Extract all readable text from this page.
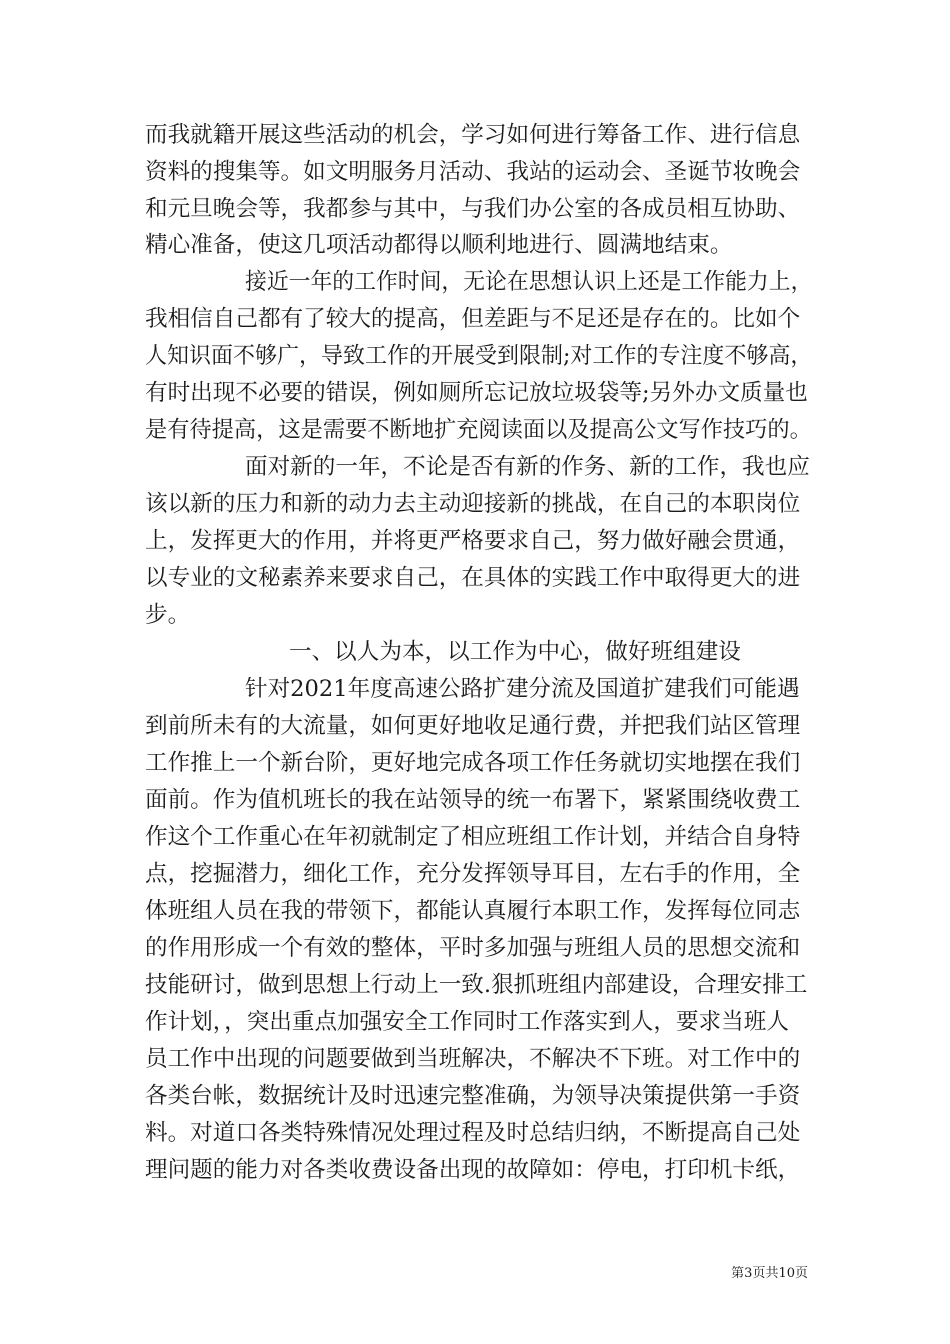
而我就籍开展这些活动的机会，学习如何进行筹备工作、进行信息
资料的搜集等。如文明服务月活动、我站的运动会、圣诞节妆晚会
和元旦晚会等，我都参与其中，与我们办公室的各成员相互协助、
精心准备，使这几项活动都得以顺利地进行、圆满地结束。
接近一年的工作时间，无论在思想认识上还是工作能力上，
我相信自己都有了较大的提高，但差距与不足还是存在的。比如个
人知识面不够广，导致工作的开展受到限制;对工作的专注度不够高，
有时出现不必要的错误，例如厕所忘记放垃圾袋等;另外办文质量也
是有待提高，这是需要不断地扩充阅读面以及提高公文写作技巧的。
面对新的一年，不论是否有新的作务、新的工作，我也应
该以新的压力和新的动力去主动迎接新的挑战，在自己的本职岗位
上，发挥更大的作用，并将更严格要求自己，努力做好融会贯通，
以专业的文秘素养来要求自己，在具体的实践工作中取得更大的进
步。
一、以人为本，以工作为中心，做好班组建设
针对2021年度高速公路扩建分流及国道扩建我们可能遇
到前所未有的大流量，如何更好地收足通行费，并把我们站区管理
工作推上一个新台阶，更好地完成各项工作任务就切实地摆在我们
面前。作为值机班长的我在站领导的统一布署下，紧紧围绕收费工
作这个工作重心在年初就制定了相应班组工作计划，并结合自身特
点，挖掘潜力，细化工作，充分发挥领导耳目，左右手的作用，全
体班组人员在我的带领下，都能认真履行本职工作，发挥每位同志
的作用形成一个有效的整体，平时多加强与班组人员的思想交流和
技能研讨，做到思想上行动上一致.狠抓班组内部建设，合理安排工
作计划，，突出重点加强安全工作同时工作落实到人，要求当班人
员工作中出现的问题要做到当班解决，不解决不下班。对工作中的
各类台帐，数据统计及时迅速完整准确，为领导决策提供第一手资
料。对道口各类特殊情况处理过程及时总结归纳，不断提高自己处
理问题的能力对各类收费设备出现的故障如：停电，打印机卡纸，
第3页共10页
